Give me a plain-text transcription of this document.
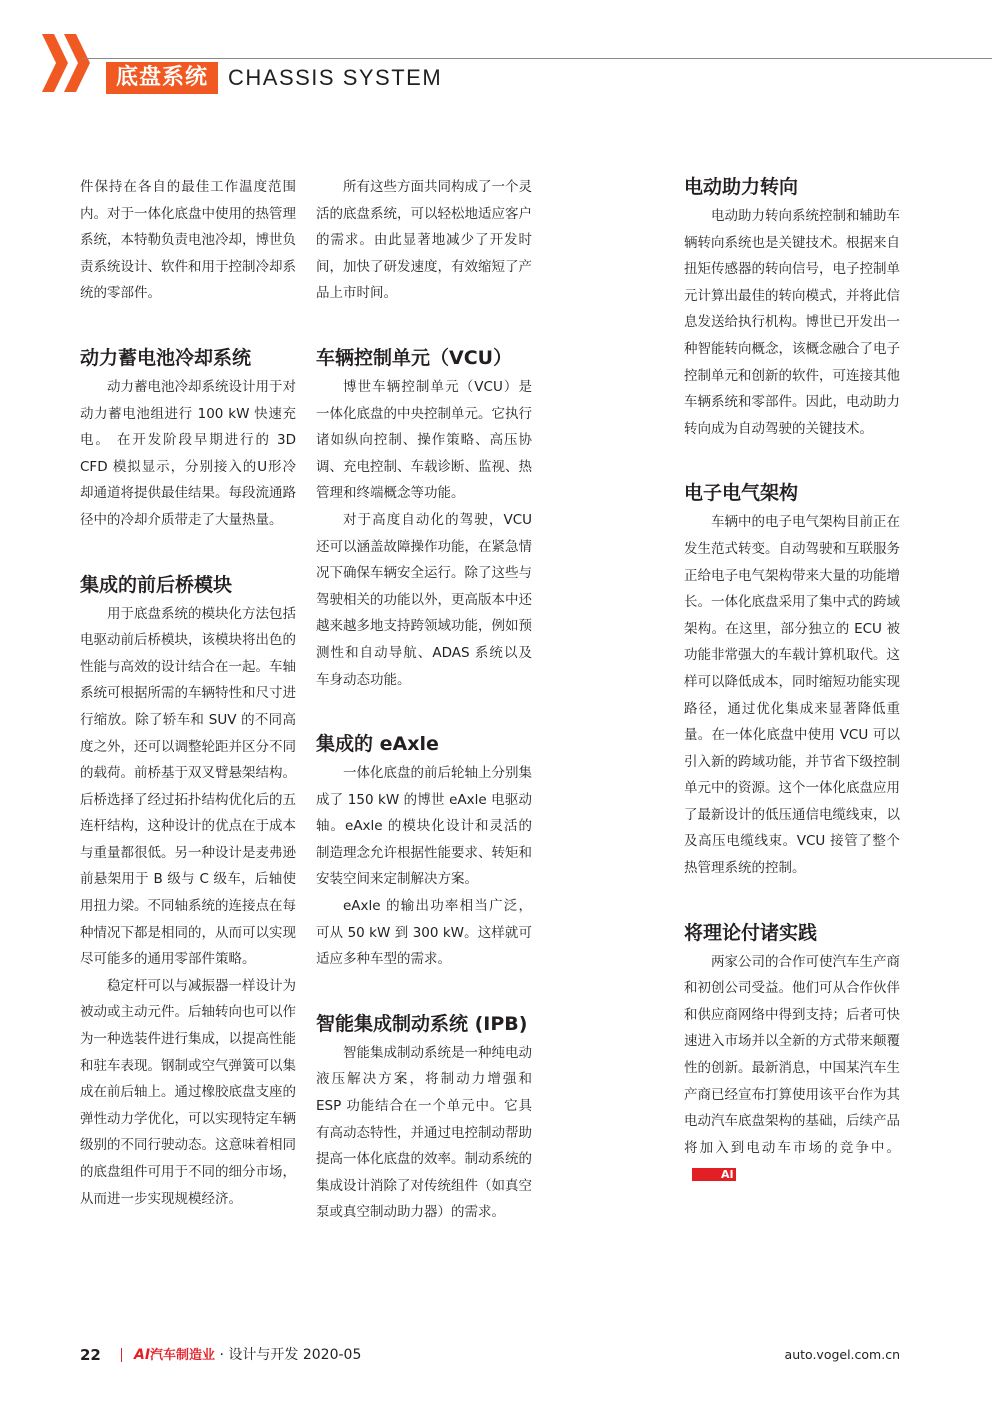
底盘系统 CHASSIS SYSTEM

件保持在各自的最佳工作温度范围内。对于一体化底盘中使用的热管理系统，本特勒负责电池冷却，博世负责系统设计、软件和用于控制冷却系统的零部件。

动力蓄电池冷却系统

动力蓄电池冷却系统设计用于对动力蓄电池组进行 100 kW 快速充电。 在开发阶段早期进行的 3D CFD 模拟显示，分别接入的U形冷却通道将提供最佳结果。每段流通路径中的冷却介质带走了大量热量。

集成的前后桥模块

用于底盘系统的模块化方法包括电驱动前后桥模块，该模块将出色的性能与高效的设计结合在一起。车轴系统可根据所需的车辆特性和尺寸进行缩放。除了轿车和 SUV 的不同高度之外，还可以调整轮距并区分不同的载荷。前桥基于双叉臂悬架结构。后桥选择了经过拓扑结构优化后的五连杆结构，这种设计的优点在于成本与重量都很低。另一种设计是麦弗逊前悬架用于 B 级与 C 级车，后轴使用扭力梁。不同轴系统的连接点在每种情况下都是相同的，从而可以实现尽可能多的通用零部件策略。

稳定杆可以与减振器一样设计为被动或主动元件。后轴转向也可以作为一种选装件进行集成，以提高性能和驻车表现。钢制或空气弹簧可以集成在前后轴上。通过橡胶底盘支座的弹性动力学优化，可以实现特定车辆级别的不同行驶动态。这意味着相同的底盘组件可用于不同的细分市场，从而进一步实现规模经济。

所有这些方面共同构成了一个灵活的底盘系统，可以轻松地适应客户的需求。由此显著地减少了开发时间，加快了研发速度，有效缩短了产品上市时间。

车辆控制单元（VCU）

博世车辆控制单元（VCU）是一体化底盘的中央控制单元。它执行诸如纵向控制、操作策略、高压协调、充电控制、车载诊断、监视、热管理和终端概念等功能。

对于高度自动化的驾驶，VCU 还可以涵盖故障操作功能，在紧急情况下确保车辆安全运行。除了这些与驾驶相关的功能以外，更高版本中还越来越多地支持跨领域功能，例如预测性和自动导航、ADAS 系统以及车身动态功能。

集成的 eAxle

一体化底盘的前后轮轴上分别集成了 150 kW 的博世 eAxle 电驱动轴。eAxle 的模块化设计和灵活的制造理念允许根据性能要求、转矩和安装空间来定制解决方案。

eAxle 的输出功率相当广泛，可从 50 kW 到 300 kW。这样就可适应多种车型的需求。

智能集成制动系统 (IPB)

智能集成制动系统是一种纯电动液压解决方案，将制动力增强和 ESP 功能结合在一个单元中。它具有高动态特性，并通过电控制动帮助提高一体化底盘的效率。制动系统的集成设计消除了对传统组件（如真空泵或真空制动助力器）的需求。

电动助力转向

电动助力转向系统控制和辅助车辆转向系统也是关键技术。根据来自扭矩传感器的转向信号，电子控制单元计算出最佳的转向模式，并将此信息发送给执行机构。博世已开发出一种智能转向概念，该概念融合了电子控制单元和创新的软件，可连接其他车辆系统和零部件。因此，电动助力转向成为自动驾驶的关键技术。

电子电气架构

车辆中的电子电气架构目前正在发生范式转变。自动驾驶和互联服务正给电子电气架构带来大量的功能增长。一体化底盘采用了集中式的跨域架构。在这里，部分独立的 ECU 被功能非常强大的车载计算机取代。这样可以降低成本，同时缩短功能实现路径，通过优化集成来显著降低重量。在一体化底盘中使用 VCU 可以引入新的跨域功能，并节省下级控制单元中的资源。这个一体化底盘应用了最新设计的低压通信电缆线束，以及高压电缆线束。VCU 接管了整个热管理系统的控制。

将理论付诸实践

两家公司的合作可使汽车生产商和初创公司受益。他们可从合作伙伴和供应商网络中得到支持；后者可快速进入市场并以全新的方式带来颠覆性的创新。最新消息，中国某汽车生产商已经宣布打算使用该平台作为其电动汽车底盘架构的基础，后续产品将加入到电动车市场的竞争中。AI

22 AI汽车制造业 · 设计与开发 2020-05	auto.vogel.com.cn
